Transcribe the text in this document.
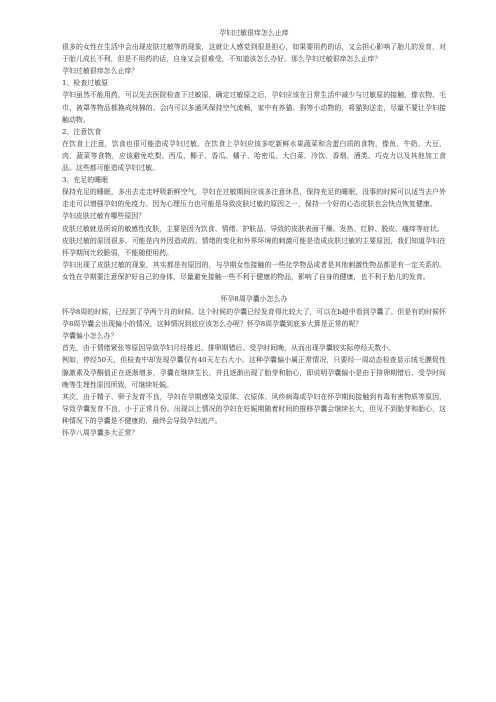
孕妇过敏很痒怎么止痒

很多的女性在生活中会出现皮肤过敏等的现象，这就让人感觉到很是担心，如果要用药的话，又会担心影响了胎儿的发育，对于胎儿成长不利，但是不用药的话，自身又会很难受，不知道该怎么办好。那么孕妇过敏很痒怎么止痒？

孕妇过敏很痒怎么止痒？

1、检查过敏原

孕妇虽然不能用药，可以先去医院检查下过敏原，确定过敏原之后，孕妇应该在日常生活中减少与过敏原的接触，像衣物、毛巾、被罩等物品都换成纯棉的。会内可以多通风保持空气流畅，家中有养猫、狗等小动物的，将猫狗送走，尽量不要让孕妇接触动物。

2、注意饮食

在饮食上注意，饮食也很可能造成孕妇过敏。在饮食上孕妇应该多吃新鲜水果蔬菜和含蛋白质的食物，像鱼、牛奶、大豆、肉、蔬菜等食物，应该避免吃梨、西瓜、椰子、香瓜、橘子、哈密瓜、大白菜、冷饮、香烟、酒类、巧克力以及其他加工食品。这些都可能造成孕妇过敏。

3、充足的睡眠

保持充足的睡眠，多出去走走呼吸新鲜空气，孕妇在过敏期间应该多注意休息，保持充足的睡眠，没事的时候可以适当去户外走走可以增强孕妇的免疫力。因为心理压力也可能是导致皮肤过敏的原因之一，保持一个好的心态皮肤也会快点恢复健康。

孕妇皮肤过敏有哪些原因？

皮肤过敏就是所说的敏感性皮肤，主要是因为饮食、情绪、护肤品、导致的皮肤表面干燥、发热、红肿、脱皮、瘙痒等症状。

皮肤过敏的原因很多，可能是内外因造成的。情绪的变化和外界环境的刺激可能是造成皮肤过敏的主要原因，我们知道孕妇在怀孕期间比较脆弱，不能随便用药。

孕妇出现了皮肤过敏的现象，其实都是有原因的，与孕期女性接触的一些化学物品或者是其他刺激性物品都是有一定关系的。女性在孕期要注意保护好自己的身体，尽量避免接触一些不利于健康的物品，影响了自身的健康，也不利于胎儿的发育。

怀孕8周孕囊小怎么办

怀孕8周的时候，已经到了孕两个月的时候。这个时候的孕囊已经发育得比较大了，可以在b超中看到孕囊了。但是有的时候怀孕8周孕囊会出现偏小的情况，这种情况到底应该怎么办呢？怀孕8周孕囊到底多大算是正常的呢？

孕囊偏小怎么办？

首先，由于情绪紧张等原因导致孕妇月经推迟、排卵期错后、受孕时间晚，从而出现孕囊较实际停经天数小。

例如，停经50天，但检查中却发现孕囊仅有40天左右大小。这种孕囊偏小属正常情况，只要经一周动态检查显示绒毛膜促性腺激素及孕酮值正在逐渐增多，孕囊在继续生长，并且逐渐出现了胎芽和胎心，即说明孕囊偏小是由于排卵期错后、受孕时间晚等生理性原因所致，可继续妊娠。

其次，由于精子、卵子发育不良，孕妇在孕期感染支原体、衣原体、风疹病毒或孕妇在怀孕期间接触到有毒有害物质等原因，导致孕囊发育不良，小于正常月份。出现以上情况的孕妇在妊娠期随着时间的推移孕囊会继续长大，但见不到胎芽和胎心，这种情况下的孕囊是不健康的，最终会导致孕妇流产。

怀孕八周孕囊多大正常？
